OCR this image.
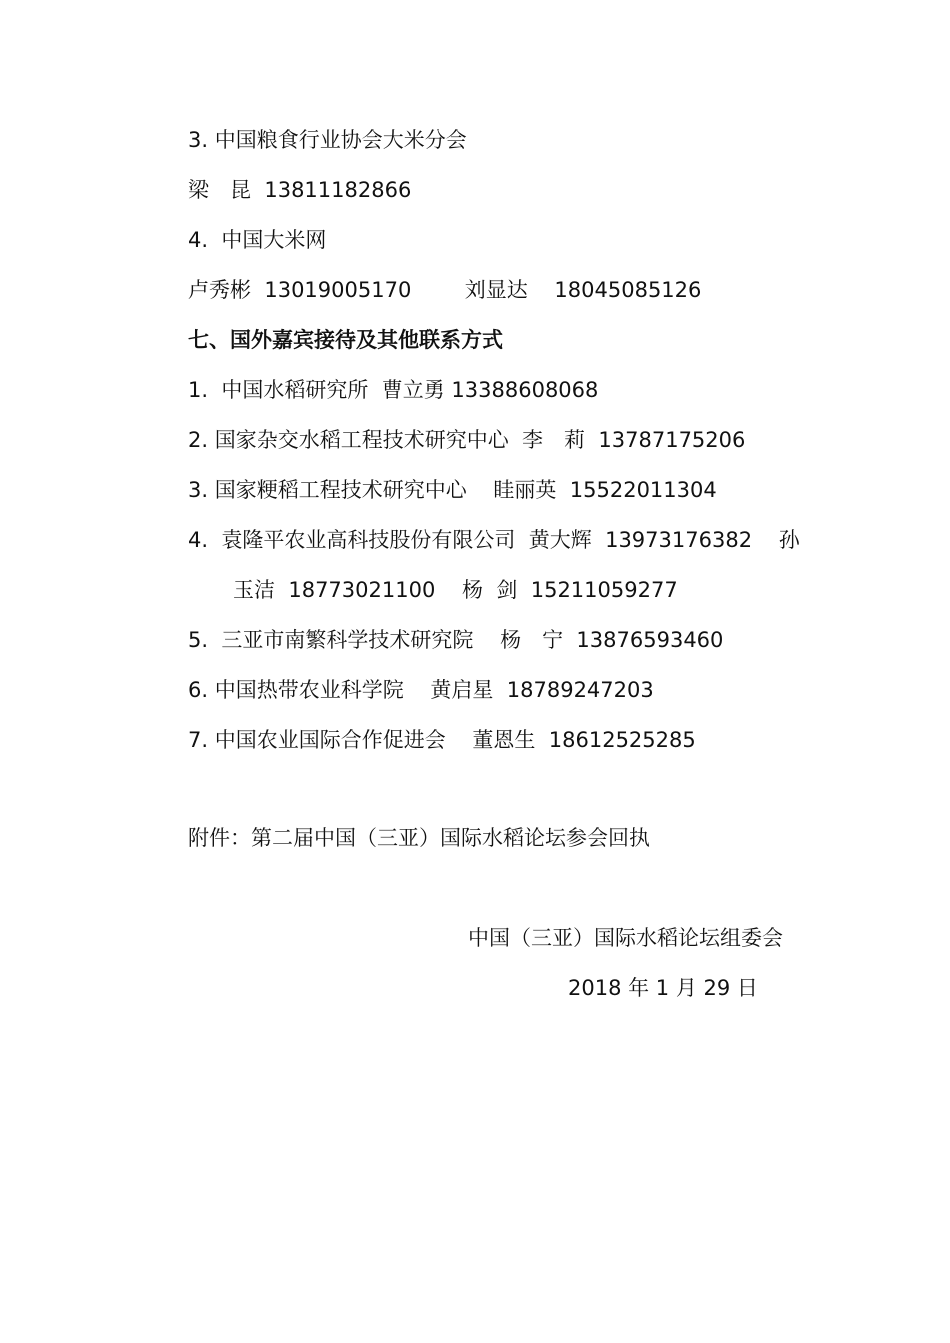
3. 中国粮食行业协会大米分会
梁　昆  13811182866
4.  中国大米网
卢秀彬  13019005170        刘显达    18045085126
七、国外嘉宾接待及其他联系方式
1.  中国水稻研究所  曹立勇 13388608068
2. 国家杂交水稻工程技术研究中心  李　莉  13787175206
3. 国家粳稻工程技术研究中心    眭丽英  15522011304
4.  袁隆平农业高科技股份有限公司  黄大辉  13973176382    孙
玉洁  18773021100    杨  剑  15211059277
5.  三亚市南繁科学技术研究院    杨　宁  13876593460
6. 中国热带农业科学院    黄启星  18789247203
7. 中国农业国际合作促进会    董恩生  18612525285
附件：第二届中国（三亚）国际水稻论坛参会回执
中国（三亚）国际水稻论坛组委会
2018 年 1 月 29 日
